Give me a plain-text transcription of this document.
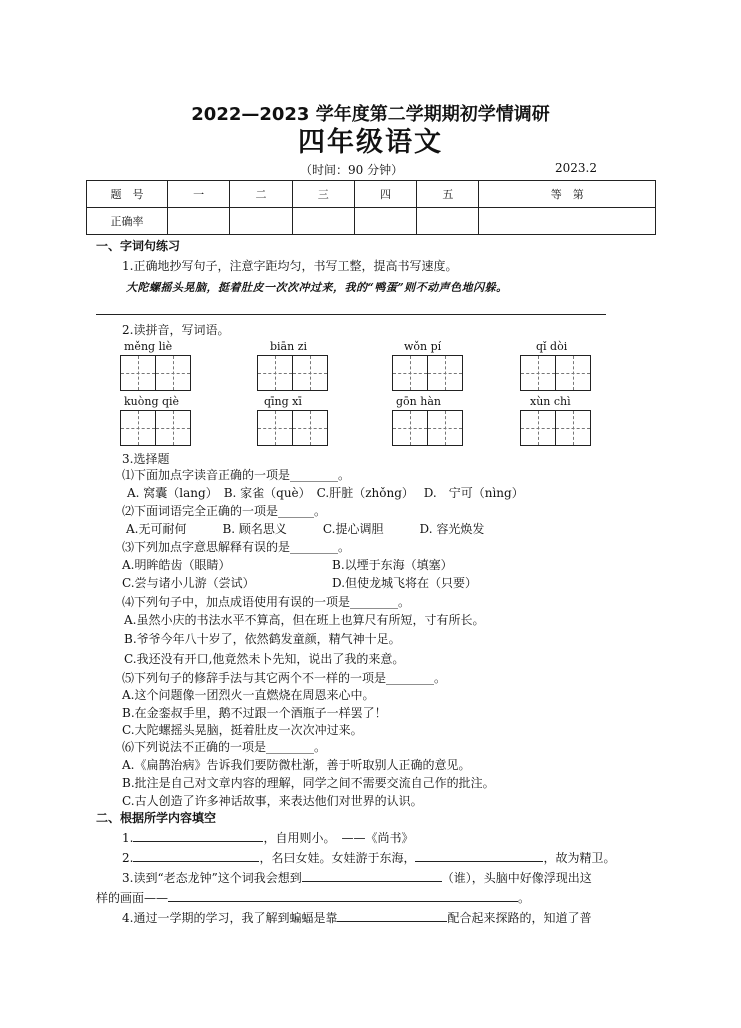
2022—2023 学年度第二学期期初学情调研
四年级语文
（时间：90 分钟）	2023.2
题　号	一	二	三	四	五	等　第
正确率						
一、字词句练习
1.正确地抄写句子，注意字距均匀，书写工整，提高书写速度。
大陀螺摇头晃脑，挺着肚皮一次次冲过来，我的“鸭蛋”则不动声色地闪躲。
2.读拼音，写词语。
měng liè	biān zi	wǒn pí	qǐ dòi
kuòng qiè	qīng xī	gōn hàn	xùn chì
3.选择题
⑴下面加点字读音正确的一项是________。
A. 窝囊（lang）　B. 家雀（què）　C.肝脏（zhǒng）　 D.　宁可（nìng）
⑵下面词语完全正确的一项是______。
A.无可耐何　　　B. 顾名思义　　　C.提心调胆　　　D. 容光焕发
⑶下列加点字意思解释有误的是________。
A.明眸皓齿（眼睛）	B.以堙于东海（填塞）
C.尝与诸小儿游（尝试）	D.但使龙城飞将在（只要）
⑷下列句子中，加点成语使用有误的一项是________。
A.虽然小庆的书法水平不算高，但在班上也算尺有所短，寸有所长。
B.爷爷今年八十岁了，依然鹤发童颜，精气神十足。
C.我还没有开口,他竟然未卜先知，说出了我的来意。
⑸下列句子的修辞手法与其它两个不一样的一项是________。
A.这个问题像一团烈火一直燃烧在周恩来心中。
B.在金銮叔手里，鹅不过跟一个酒瓶子一样罢了！
C.大陀螺摇头晃脑，挺着肚皮一次次冲过来。
⑹下列说法不正确的一项是________。
A.《扁鹊治病》告诉我们要防微杜渐，善于听取别人正确的意见。
B.批注是自己对文章内容的理解，同学之间不需要交流自己作的批注。
C.古人创造了许多神话故事，来表达他们对世界的认识。
二、根据所学内容填空
1.	，自用则小。　——《尚书》
2.	，名曰女娃。女娃游于东海，	，故为精卫。
3.读到“老态龙钟”这个词我会想到	（谁），头脑中好像浮现出这
样的画面——	。
4.通过一学期的学习，我了解到蝙蝠是靠	配合起来探路的，知道了普
